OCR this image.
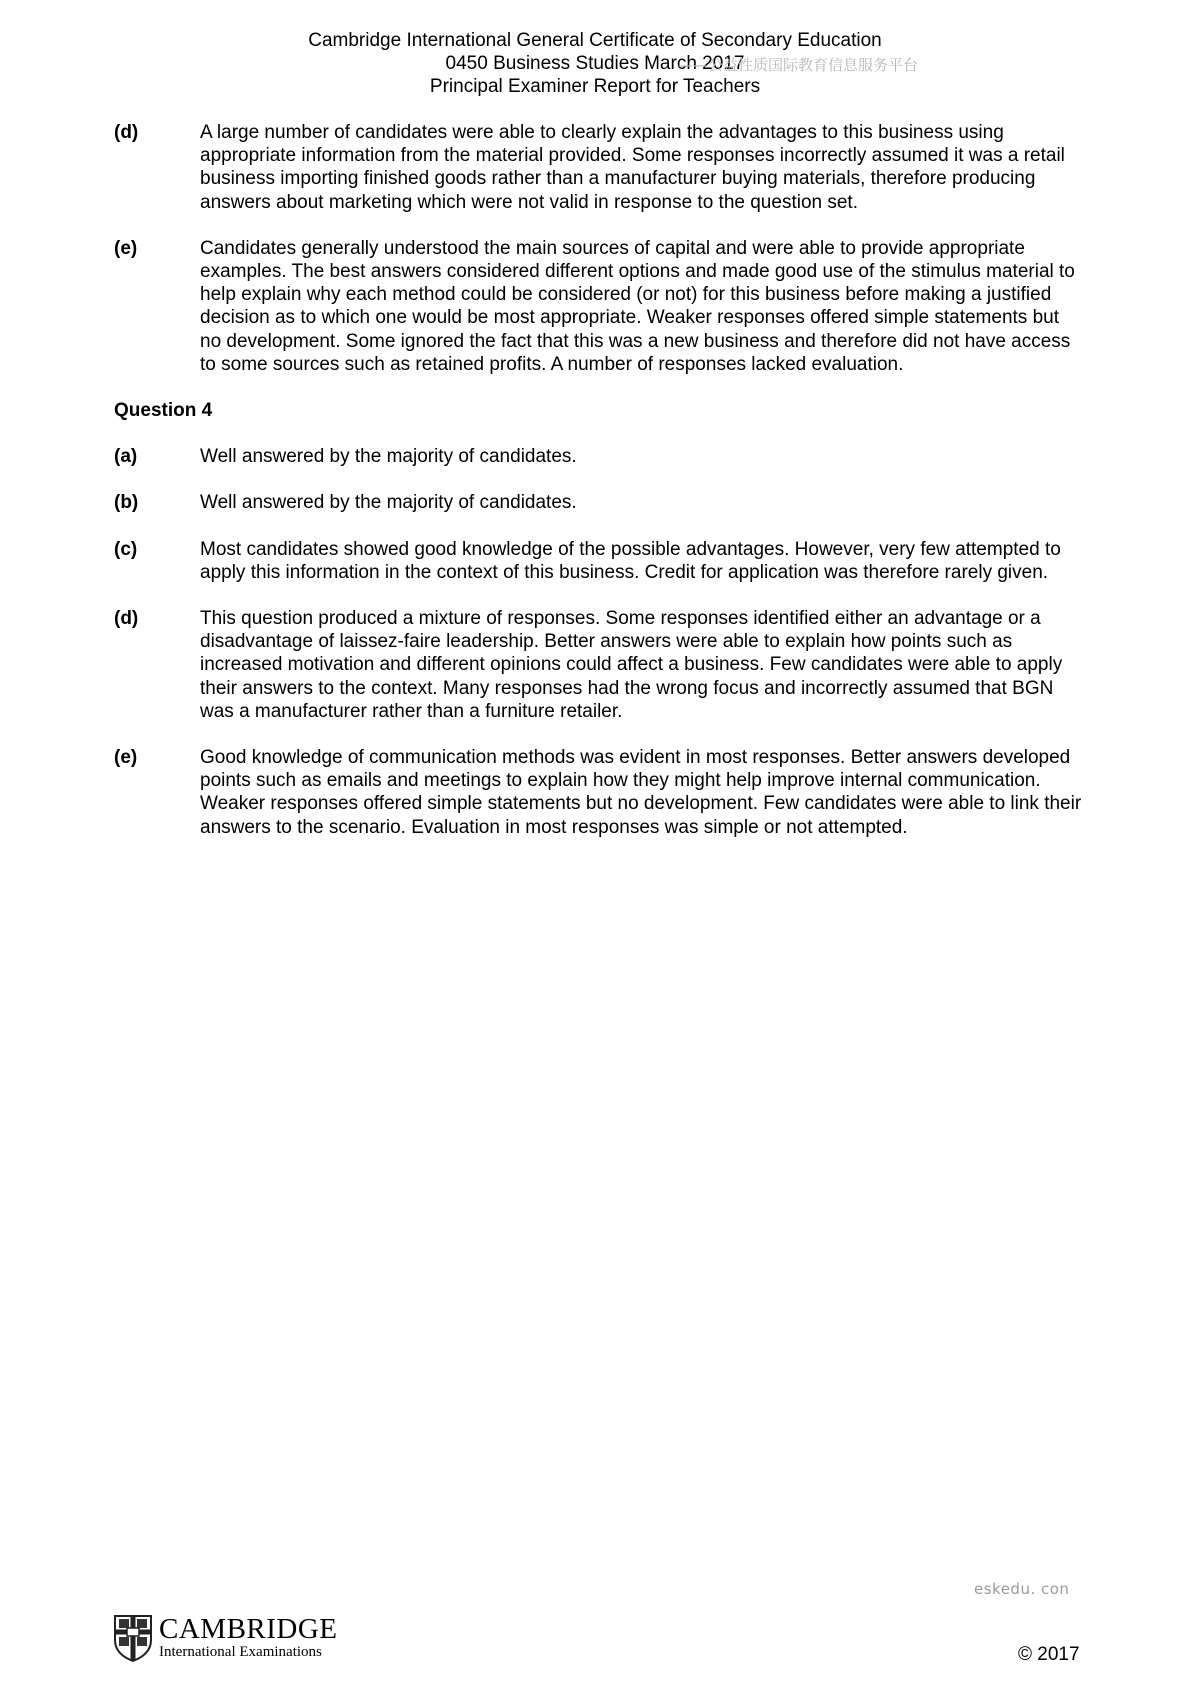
Cambridge International General Certificate of Secondary Education
0450 Business Studies March 2017
Principal Examiner Report for Teachers
——公益性质国际教育信息服务平台
(d)	A large number of candidates were able to clearly explain the advantages to this business using appropriate information from the material provided. Some responses incorrectly assumed it was a retail business importing finished goods rather than a manufacturer buying materials, therefore producing answers about marketing which were not valid in response to the question set.
(e)	Candidates generally understood the main sources of capital and were able to provide appropriate examples. The best answers considered different options and made good use of the stimulus material to help explain why each method could be considered (or not) for this business before making a justified decision as to which one would be most appropriate. Weaker responses offered simple statements but no development. Some ignored the fact that this was a new business and therefore did not have access to some sources such as retained profits. A number of responses lacked evaluation.
Question 4
(a)	Well answered by the majority of candidates.
(b)	Well answered by the majority of candidates.
(c)	Most candidates showed good knowledge of the possible advantages. However, very few attempted to apply this information in the context of this business. Credit for application was therefore rarely given.
(d)	This question produced a mixture of responses. Some responses identified either an advantage or a disadvantage of laissez-faire leadership. Better answers were able to explain how points such as increased motivation and different opinions could affect a business. Few candidates were able to apply their answers to the context. Many responses had the wrong focus and incorrectly assumed that BGN was a manufacturer rather than a furniture retailer.
(e)	Good knowledge of communication methods was evident in most responses. Better answers developed points such as emails and meetings to explain how they might help improve internal communication. Weaker responses offered simple statements but no development. Few candidates were able to link their answers to the scenario. Evaluation in most responses was simple or not attempted.
eskedu. con
CAMBRIDGE
International Examinations	© 2017
